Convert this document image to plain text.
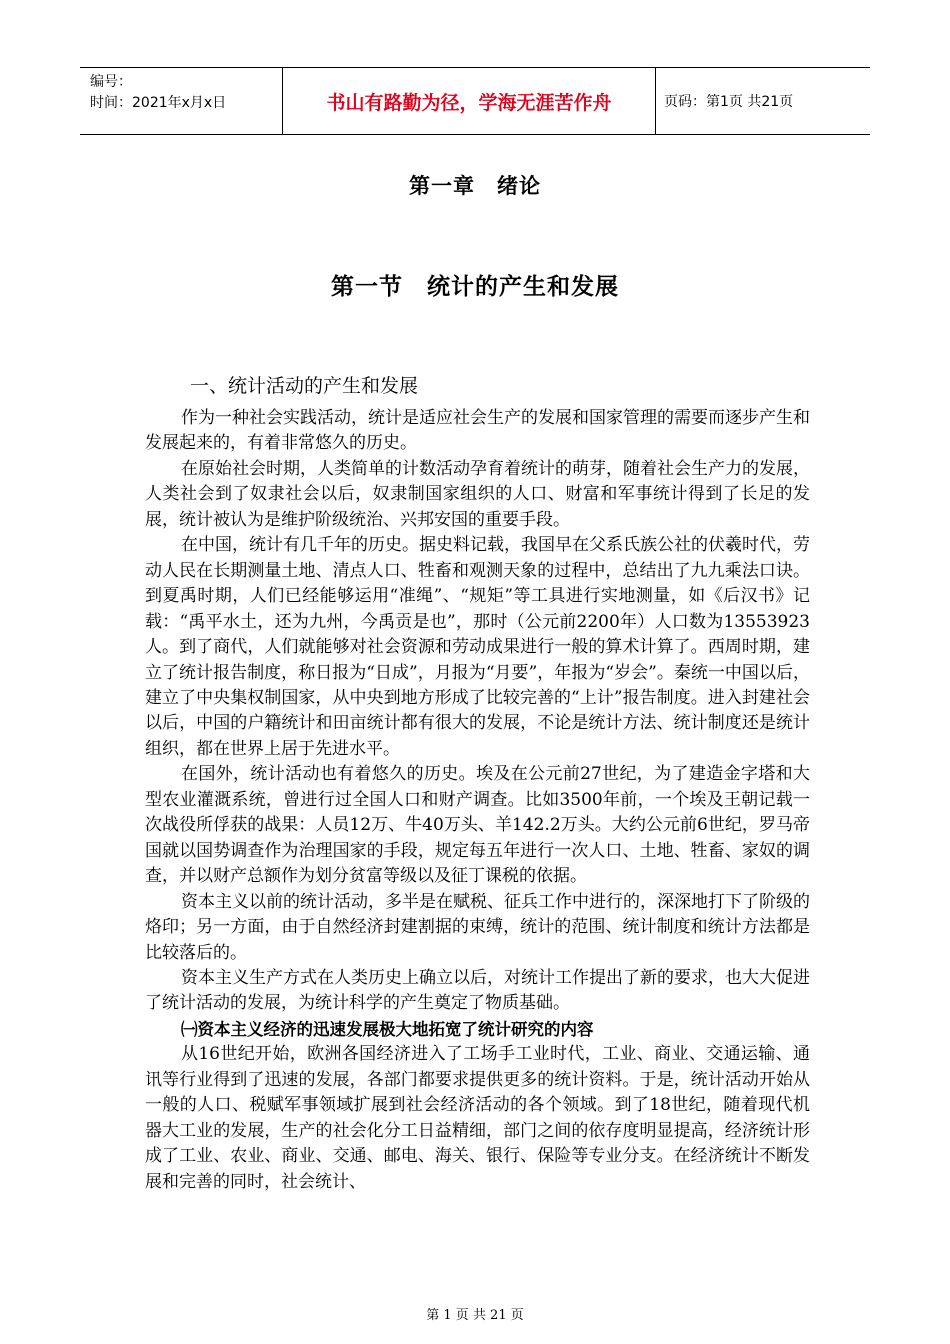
编号：
时间：2021年x月x日	书山有路勤为径，学海无涯苦作舟	页码：第1页 共21页
第一章　绪论
第一节　统计的产生和发展
一、统计活动的产生和发展

作为一种社会实践活动，统计是适应社会生产的发展和国家管理的需要而逐步产生和发展起来的，有着非常悠久的历史。

在原始社会时期，人类简单的计数活动孕育着统计的萌芽，随着社会生产力的发展，人类社会到了奴隶社会以后，奴隶制国家组织的人口、财富和军事统计得到了长足的发展，统计被认为是维护阶级统治、兴邦安国的重要手段。

在中国，统计有几千年的历史。据史料记载，我国早在父系氏族公社的伏羲时代，劳动人民在长期测量土地、清点人口、牲畜和观测天象的过程中，总结出了九九乘法口诀。到夏禹时期，人们已经能够运用“准绳”、“规矩”等工具进行实地测量，如《后汉书》记载：“禹平水土，还为九州，今禹贡是也”，那时（公元前2200年）人口数为13553923人。到了商代，人们就能够对社会资源和劳动成果进行一般的算术计算了。西周时期，建立了统计报告制度，称日报为“日成”，月报为“月要”，年报为“岁会”。秦统一中国以后，建立了中央集权制国家，从中央到地方形成了比较完善的“上计”报告制度。进入封建社会以后，中国的户籍统计和田亩统计都有很大的发展，不论是统计方法、统计制度还是统计组织，都在世界上居于先进水平。

在国外，统计活动也有着悠久的历史。埃及在公元前27世纪，为了建造金字塔和大型农业灌溉系统，曾进行过全国人口和财产调查。比如3500年前，一个埃及王朝记载一次战役所俘获的战果：人员12万、牛40万头、羊142.2万头。大约公元前6世纪，罗马帝国就以国势调查作为治理国家的手段，规定每五年进行一次人口、土地、牲畜、家奴的调查，并以财产总额作为划分贫富等级以及征丁课税的依据。

资本主义以前的统计活动，多半是在赋税、征兵工作中进行的，深深地打下了阶级的烙印；另一方面，由于自然经济封建割据的束缚，统计的范围、统计制度和统计方法都是比较落后的。

资本主义生产方式在人类历史上确立以后，对统计工作提出了新的要求，也大大促进了统计活动的发展，为统计科学的产生奠定了物质基础。

㈠资本主义经济的迅速发展极大地拓宽了统计研究的内容

从16世纪开始，欧洲各国经济进入了工场手工业时代，工业、商业、交通运输、通讯等行业得到了迅速的发展，各部门都要求提供更多的统计资料。于是，统计活动开始从一般的人口、税赋军事领域扩展到社会经济活动的各个领域。到了18世纪，随着现代机器大工业的发展，生产的社会化分工日益精细，部门之间的依存度明显提高，经济统计形成了工业、农业、商业、交通、邮电、海关、银行、保险等专业分支。在经济统计不断发展和完善的同时，社会统计、

第 1 页 共 21 页
